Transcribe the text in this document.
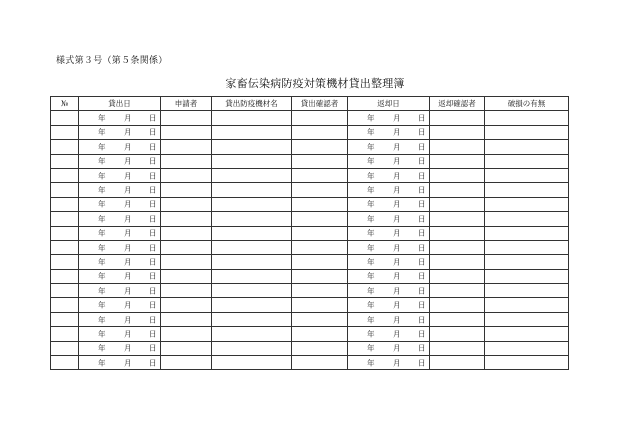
様式第３号（第５条関係）
家畜伝染病防疫対策機材貸出整理簿
№	貸出日	申請者	貸出防疫機材名	貸出確認者	返却日	返却確認者	破損の有無

	年 月 日				年 月 日		

	年 月 日				年 月 日		

	年 月 日				年 月 日		

	年 月 日				年 月 日		

	年 月 日				年 月 日		

	年 月 日				年 月 日		

	年 月 日				年 月 日		

	年 月 日				年 月 日		

	年 月 日				年 月 日		

	年 月 日				年 月 日		

	年 月 日				年 月 日		

	年 月 日				年 月 日		

	年 月 日				年 月 日		

	年 月 日				年 月 日		

	年 月 日				年 月 日		

	年 月 日				年 月 日		

	年 月 日				年 月 日		

	年 月 日				年 月 日		
